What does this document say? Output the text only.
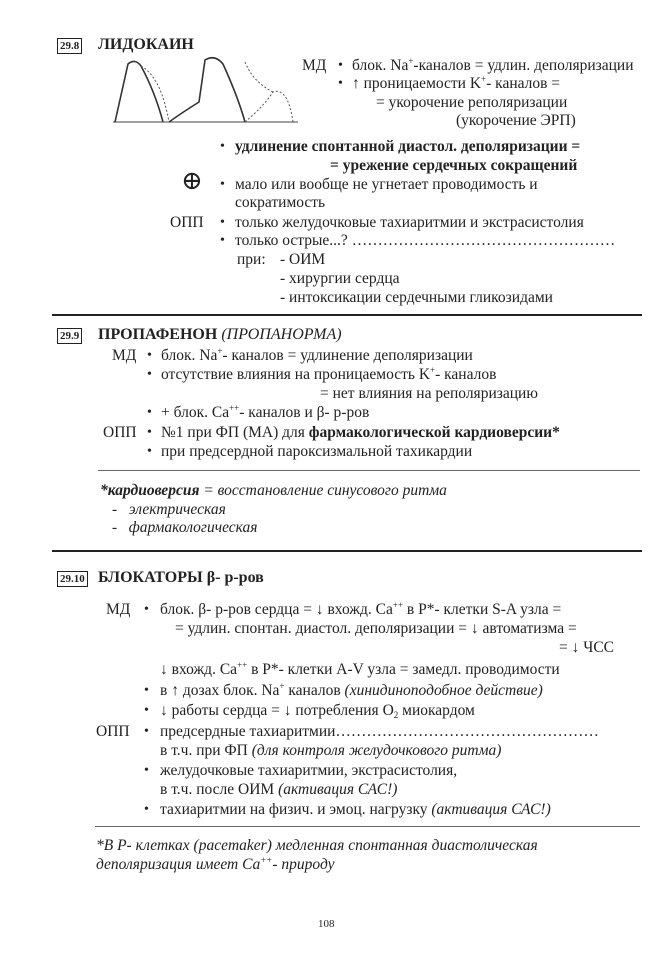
29.8 ЛИДОКАИН
МД • блок. Na+-каналов = удлин. деполяризации
• ↑ проницаемости K+- каналов =
= укорочение реполяризации
(укорочение ЭРП)
• удлинение спонтанной диастол. деполяризации =
= урежение сердечных сокращений
⊕ • мало или вообще не угнетает проводимость и
сократимость
ОПП • только желудочковые тахиаритмии и экстрасистолия
• только острые...? ……………………………………………
при: - ОИМ
- хирургии сердца
- интоксикации сердечными гликозидами
29.9 ПРОПАФЕНОН (ПРОПАНОРМА)
МД • блок. Na+- каналов = удлинение деполяризации
• отсутствие влияния на проницаемость K+- каналов
= нет влияния на реполяризацию
• + блок. Ca++- каналов и β- р-ров
ОПП • №1 при ФП (МА) для фармакологической кардиоверсии*
• при предсердной пароксизмальной тахикардии
*кардиоверсия = восстановление синусового ритма
-   электрическая
-   фармакологическая
29.10 БЛОКАТОРЫ β- р-ров
МД • блок. β- р-ров сердца = ↓ вхожд. Ca++ в Р*- клетки S-A узла =
= удлин. спонтан. диастол. деполяризации = ↓ автоматизма =
= ↓ ЧСС
↓ вхожд. Ca++ в Р*- клетки A-V узла = замедл. проводимости
• в ↑ дозах блок. Na+ каналов (хинидиноподобное действие)
• ↓ работы сердца = ↓ потребления $O_2$ миокардом
ОПП • предсердные тахиаритмии……………………………………………
в т.ч. при ФП (для контроля желудочкового ритма)
• желудочковые тахиаритмии, экстрасистолия,
в т.ч. после ОИМ (активация САС!)
• тахиаритмии на физич. и эмоц. нагрузку (активация САС!)
*В Р- клетках (pacemaker) медленная спонтанная диастолическая
деполяризация имеет Ca++- природу
108
